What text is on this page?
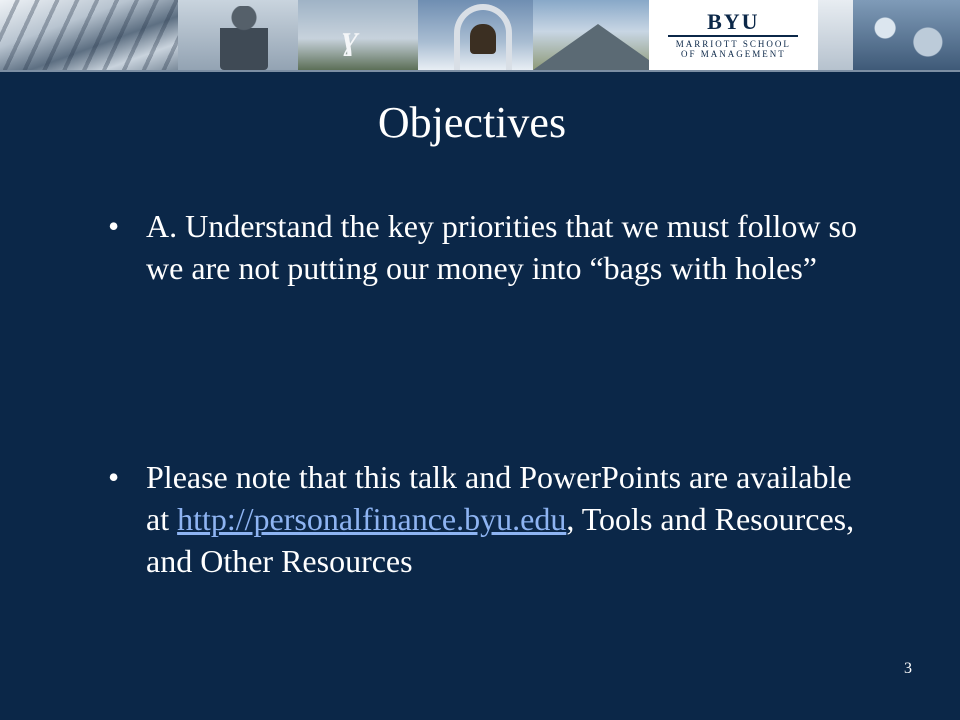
ɣ	BYU
MARRIOTT SCHOOL
OF MANAGEMENT
Objectives
• A. Understand the key priorities that we must follow so we are not putting our money into “bags with holes”
• Please note that this talk and PowerPoints are available at http://personalfinance.byu.edu, Tools and Resources, and Other Resources
3
